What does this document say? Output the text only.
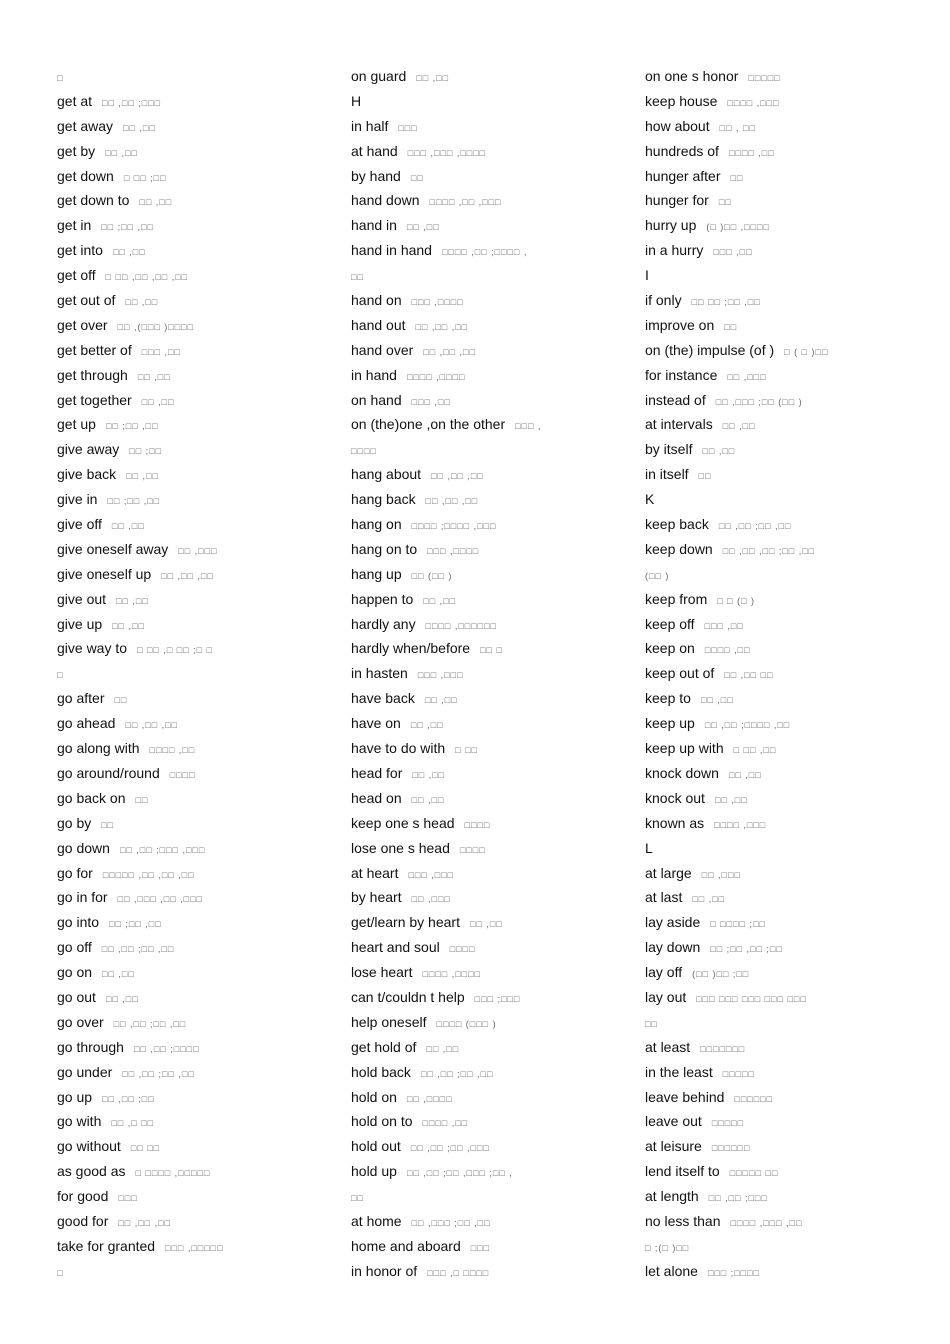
□
get at □□ ,□□ ;□□□
get away □□ ,□□
get by □□ ,□□
get down □ □□ ;□□
get down to □□ ,□□
get in □□ ;□□ ,□□
get into □□ ,□□
get off □ □□ ,□□ ,□□ ,□□
get out of □□ ,□□
get over □□ ,(□□□ )□□□□
get better of □□□ ,□□
get through □□ ,□□
get together □□ ,□□
get up □□ ;□□ ,□□
give away □□ ;□□
give back □□ ,□□
give in □□ ;□□ ,□□
give off □□ ,□□
give oneself away □□ ,□□□
give oneself up □□ ,□□ ,□□
give out □□ ,□□
give up □□ ,□□
give way to □ □□ ,□ □□ ;□ □
□
go after □□
go ahead □□ ,□□ ,□□
go along with □□□□ ,□□
go around/round □□□□
go back on □□
go by □□
go down □□ ,□□ ;□□□ ,□□□
go for □□□□□ ,□□ ,□□ ,□□
go in for □□ ,□□□ ,□□ ,□□□
go into □□ ;□□ ,□□
go off □□ ,□□ ;□□ ,□□
go on □□ ,□□
go out □□ ,□□
go over □□ ,□□ ;□□ ,□□
go through □□ ,□□ ;□□□□
go under □□ ,□□ ;□□ ,□□
go up □□ ,□□ ;□□
go with □□ ,□ □□
go without □□ □□
as good as □ □□□□ ,□□□□□
for good □□□
good for □□ ,□□ ,□□
take for granted □□□ ,□□□□□
□
on guard □□ ,□□
H
in half □□□
at hand □□□ ,□□□ ,□□□□
by hand □□
hand down □□□□ ,□□ ,□□□
hand in □□ ,□□
hand in hand □□□□ ,□□ ;□□□□ ,
□□
hand on □□□ ,□□□□
hand out □□ ,□□ ,□□
hand over □□ ,□□ ,□□
in hand □□□□ ,□□□□
on hand □□□ ,□□
on (the)one ,on the other □□□ ,
□□□□
hang about □□ ,□□ ,□□
hang back □□ ,□□ ,□□
hang on □□□□ ;□□□□ ,□□□
hang on to □□□ ,□□□□
hang up □□ (□□ )
happen to □□ ,□□
hardly any □□□□ ,□□□□□□
hardly when/before □□ □
in hasten □□□ ,□□□
have back □□ ,□□
have on □□ ,□□
have to do with □ □□
head for □□ ,□□
head on □□ ,□□
keep one s head □□□□
lose one s head □□□□
at heart □□□ ,□□□
by heart □□ ,□□□
get/learn by heart □□ ,□□
heart and soul □□□□
lose heart □□□□ ,□□□□
can t/couldn t help □□□ ;□□□
help oneself □□□□ (□□□ )
get hold of □□ ,□□
hold back □□ ,□□ ;□□ ,□□
hold on □□ ,□□□□
hold on to □□□□ ,□□
hold out □□ ,□□ ;□□ ,□□□
hold up □□ ,□□ ;□□ ,□□□ ;□□ ,
□□
at home □□ ,□□□ ;□□ ,□□
home and aboard □□□
in honor of □□□ ,□ □□□□
on one s honor □□□□□
keep house □□□□ ,□□□
how about □□ , □□
hundreds of □□□□ ,□□
hunger after □□
hunger for □□
hurry up (□ )□□ ,□□□□
in a hurry □□□ ,□□
I
if only □□ □□ ;□□ ,□□
improve on □□
on (the) impulse (of ) □ ( □ )□□
for instance □□ ,□□□
instead of □□ ,□□□ ;□□ (□□ )
at intervals □□ ,□□
by itself □□ ,□□
in itself □□
K
keep back □□ ,□□ ;□□ ,□□
keep down □□ ,□□ ,□□ ;□□ ,□□
(□□ )
keep from □ □ (□ )
keep off □□□ ,□□
keep on □□□□ ,□□
keep out of □□ ,□□ □□
keep to □□ ,□□
keep up □□ ,□□ ;□□□□ ,□□
keep up with □ □□ ,□□
knock down □□ ,□□
knock out □□ ,□□
known as □□□□ ,□□□
L
at large □□ ,□□□
at last □□ ,□□
lay aside □ □□□□ ;□□
lay down □□ ;□□ ,□□ ;□□
lay off (□□ )□□ ;□□
lay out □□□ □□□ □□□ □□□ □□□
□□
at least □□□□□□□
in the least □□□□□
leave behind □□□□□□
leave out □□□□□
at leisure □□□□□□
lend itself to □□□□□ □□
at length □□ ,□□ ;□□□
no less than □□□□ ,□□□ ,□□
□ ;(□ )□□
let alone □□□ ;□□□□
